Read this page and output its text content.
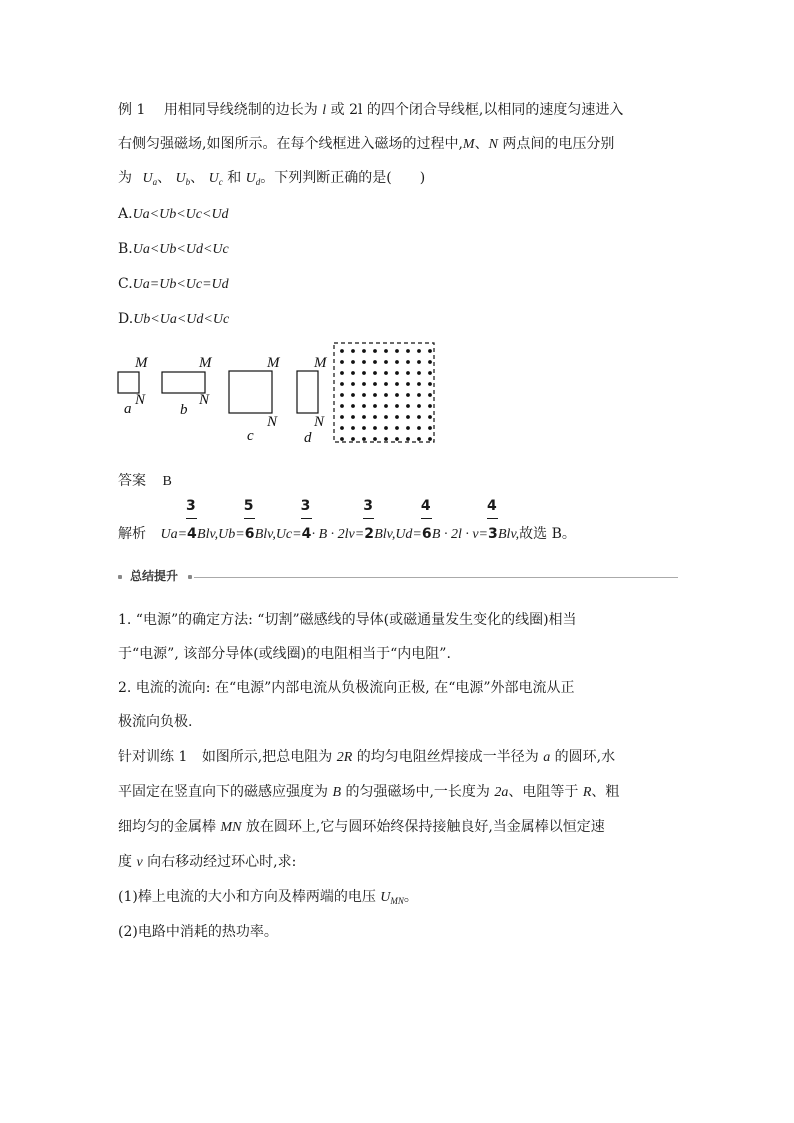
例 1 用相同导线绕制的边长为 l 或 2l 的四个闭合导线框,以相同的速度匀速进入
右侧匀强磁场,如图所示。在每个线框进入磁场的过程中,M、N 两点间的电压分别
为 $U_a$、 $U_b$、 $U_c$ 和 $U_d$。下列判断正确的是(　　)
A.Ua<Ub<Uc<Ud
B.Ua<Ub<Ud<Uc
C.Ua=Ub<Uc=Ud
D.Ub<Ua<Ud<Uc
M
N
a
M
N
b
M
N
c
M
N
d
答案 B
解析 $Ua= \frac{3}{4}Blv,Ub= \frac{5}{6}Blv,Uc= \frac{3}{4}\cdot B \cdot 2lv= \frac{3}{2}Blv,Ud= \frac{4}{6}B \cdot 2l \cdot v= \frac{4}{3}Blv$,故选 B。
总结提升
1. “电源”的确定方法: “切割”磁感线的导体(或磁通量发生变化的线圈)相当
于“电源”, 该部分导体(或线圈)的电阻相当于“内电阻”.
2. 电流的流向: 在“电源”内部电流从负极流向正极, 在“电源”外部电流从正
极流向负极.
针对训练 1 如图所示,把总电阻为 2R 的均匀电阻丝焊接成一半径为 a 的圆环,水
平固定在竖直向下的磁感应强度为 B 的匀强磁场中,一长度为 2a、电阻等于 R、粗
细均匀的金属棒 MN 放在圆环上,它与圆环始终保持接触良好,当金属棒以恒定速
度 v 向右移动经过环心时,求:
(1)棒上电流的大小和方向及棒两端的电压 $U_{MN}$。
(2)电路中消耗的热功率。
